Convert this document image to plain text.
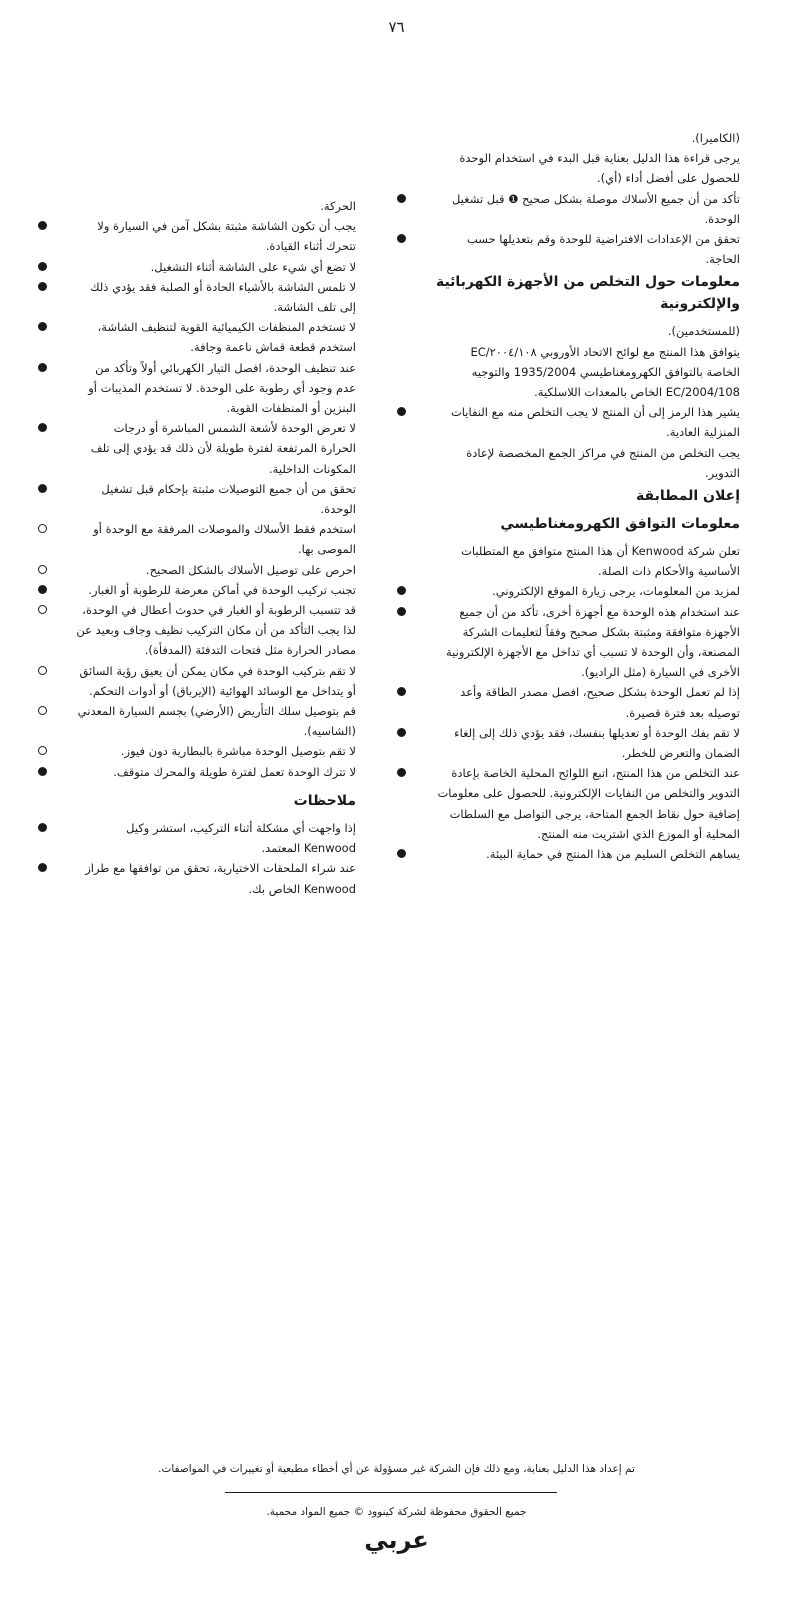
٧٦
الحركة.
يجب أن تكون الشاشة مثبتة بشكل آمن في السيارة ولا تتحرك أثناء القيادة.
لا تضع أي شيء على الشاشة أثناء التشغيل.
لا تلمس الشاشة بالأشياء الحادة أو الصلبة فقد يؤدي ذلك إلى تلف الشاشة.
لا تستخدم المنظفات الكيميائية القوية لتنظيف الشاشة، استخدم قطعة قماش ناعمة وجافة.
عند تنظيف الوحدة، افصل التيار الكهربائي أولاً وتأكد من عدم وجود أي رطوبة على الوحدة. لا تستخدم المذيبات أو البنزين أو المنظفات القوية.
لا تعرض الوحدة لأشعة الشمس المباشرة أو درجات الحرارة المرتفعة لفترة طويلة لأن ذلك قد يؤدي إلى تلف المكونات الداخلية.
تحقق من أن جميع التوصيلات مثبتة بإحكام قبل تشغيل الوحدة.
استخدم فقط الأسلاك والموصلات المرفقة مع الوحدة أو الموصى بها.
احرص على توصيل الأسلاك بالشكل الصحيح.
تجنب تركيب الوحدة في أماكن معرضة للرطوبة أو الغبار.
قد تتسبب الرطوبة أو الغبار في حدوث أعطال في الوحدة، لذا يجب التأكد من أن مكان التركيب نظيف وجاف وبعيد عن مصادر الحرارة مثل فتحات التدفئة (المدفأة).
لا تقم بتركيب الوحدة في مكان يمكن أن يعيق رؤية السائق أو يتداخل مع الوسائد الهوائية (الإيرباق) أو أدوات التحكم.
قم بتوصيل سلك التأريض (الأرضي) بجسم السيارة المعدني (الشاسيه).
لا تقم بتوصيل الوحدة مباشرة بالبطارية دون فيوز.
لا تترك الوحدة تعمل لفترة طويلة والمحرك متوقف.
ملاحظات
إذا واجهت أي مشكلة أثناء التركيب، استشر وكيل Kenwood المعتمد.
عند شراء الملحقات الاختيارية، تحقق من توافقها مع طراز Kenwood الخاص بك.
(الكاميرا).
يرجى قراءة هذا الدليل بعناية قبل البدء في استخدام الوحدة للحصول على أفضل أداء (أي).
تأكد من أن جميع الأسلاك موصلة بشكل صحيح ❶ قبل تشغيل الوحدة.
تحقق من الإعدادات الافتراضية للوحدة وقم بتعديلها حسب الحاجة.
معلومات حول التخلص من الأجهزة الكهربائية والإلكترونية
(للمستخدمين).
يتوافق هذا المنتج مع لوائح الاتحاد الأوروبي ٢٠٠٤/١٠٨/EC الخاصة بالتوافق الكهرومغناطيسي 1935/2004 والتوجيه EC/2004/108 الخاص بالمعدات اللاسلكية.
يشير هذا الرمز إلى أن المنتج لا يجب التخلص منه مع النفايات المنزلية العادية.
يجب التخلص من المنتج في مراكز الجمع المخصصة لإعادة التدوير.
إعلان المطابقة
معلومات التوافق الكهرومغناطيسي
تعلن شركة Kenwood أن هذا المنتج متوافق مع المتطلبات الأساسية والأحكام ذات الصلة.
لمزيد من المعلومات، يرجى زيارة الموقع الإلكتروني.
عند استخدام هذه الوحدة مع أجهزة أخرى، تأكد من أن جميع الأجهزة متوافقة ومثبتة بشكل صحيح وفقاً لتعليمات الشركة المصنعة، وأن الوحدة لا تسبب أي تداخل مع الأجهزة الإلكترونية الأخرى في السيارة (مثل الراديو).
إذا لم تعمل الوحدة بشكل صحيح، افصل مصدر الطاقة وأعد توصيله بعد فترة قصيرة.
لا تقم بفك الوحدة أو تعديلها بنفسك، فقد يؤدي ذلك إلى إلغاء الضمان والتعرض للخطر.
عند التخلص من هذا المنتج، اتبع اللوائح المحلية الخاصة بإعادة التدوير والتخلص من النفايات الإلكترونية. للحصول على معلومات إضافية حول نقاط الجمع المتاحة، يرجى التواصل مع السلطات المحلية أو الموزع الذي اشتريت منه المنتج.
يساهم التخلص السليم من هذا المنتج في حماية البيئة.
تم إعداد هذا الدليل بعناية، ومع ذلك فإن الشركة غير مسؤولة عن أي أخطاء مطبعية أو تغييرات في المواصفات.
جميع الحقوق محفوظة لشركة كينوود © جميع المواد محمية.
عربي
